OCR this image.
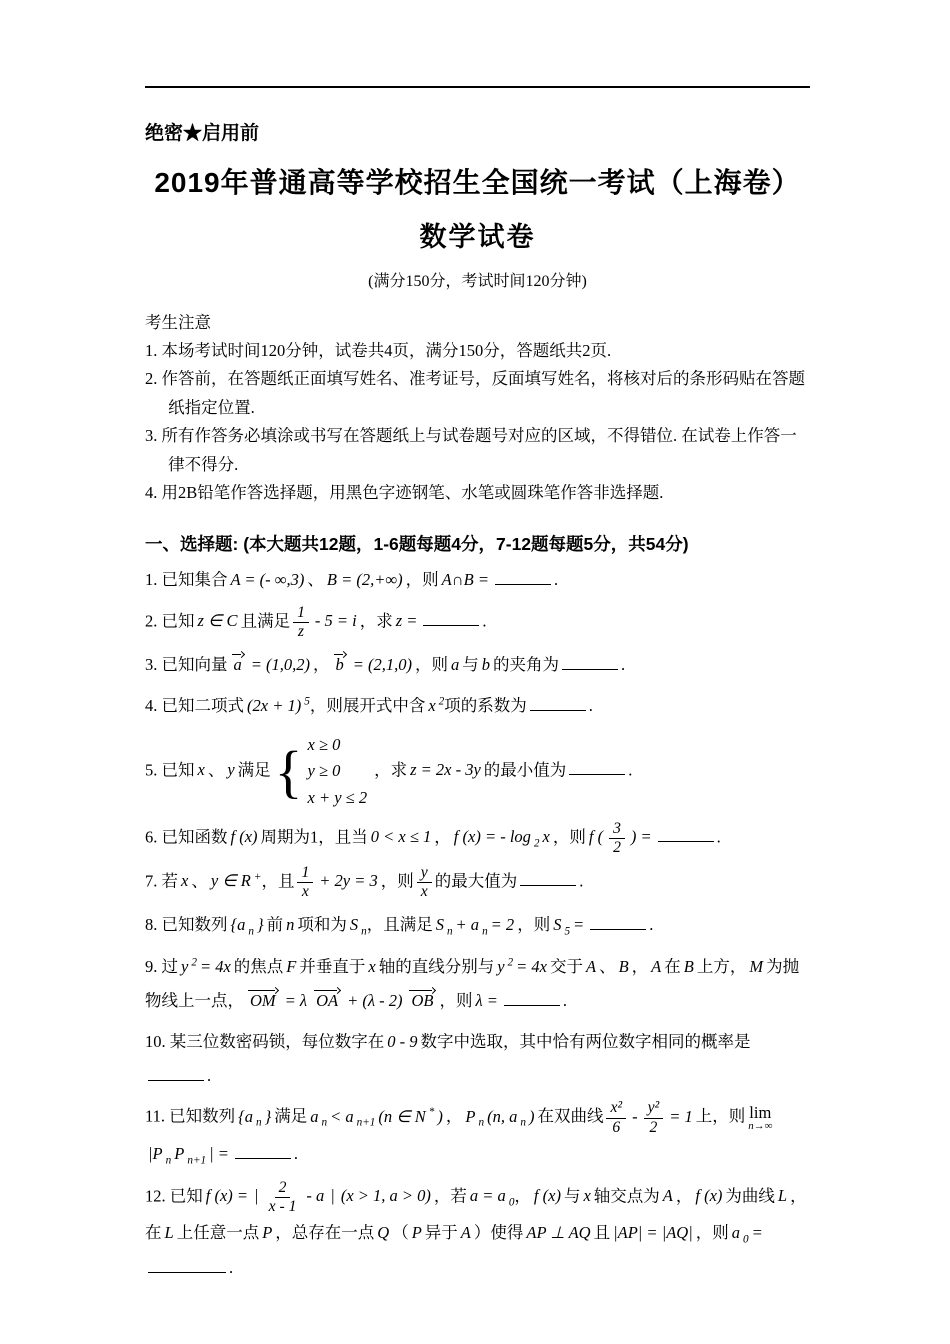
绝密★启用前
2019年普通高等学校招生全国统一考试（上海卷）
数学试卷
(满分150分，考试时间120分钟)
考生注意
1. 本场考试时间120分钟，试卷共4页，满分150分，答题纸共2页.
2. 作答前，在答题纸正面填写姓名、准考证号，反面填写姓名，将核对后的条形码贴在答题纸指定位置.
3. 所有作答务必填涂或书写在答题纸上与试卷题号对应的区域，不得错位. 在试卷上作答一律不得分.
4. 用2B铅笔作答选择题，用黑色字迹钢笔、水笔或圆珠笔作答非选择题.
一、选择题: (本大题共12题，1-6题每题4分，7-12题每题5分，共54分)
1. 已知集合 A = (- ∞,3) 、 B = (2,+∞) ，则 A∩B =	.
2. 已知 z ∈ C 且满足 $\frac{1}{z} - 5 = i$ ，求 z =	.
3. 已知向量 a = (1,0,2) ， b = (2,1,0) ，则 a 与 b 的夹角为	.
4. 已知二项式 (2x + 1) $^5$，则展开式中含 x $^2$项的系数为	.
5. 已知 x 、 y 满足 { x ≥ 0
y ≥ 0
x + y ≤ 2
，求 z = 2x - 3y 的最小值为	.
6. 已知函数 f (x) 周期为1，且当 0 < x ≤ 1 ， f (x) = - log $_2$ x ，则 f ( $\frac{3}{2}$ ) =	.
7. 若 x 、 y ∈ R +，且 $\frac{1}{x} + 2y = 3$ ，则 $\frac{y}{x}$ 的最大值为	.
8. 已知数列 {a $_n$ } 前 n 项和为 S $_n$，且满足 S $_n$ + a $_n$ = 2 ，则 S $_5$ =	.
9. 过 y $^2$ = 4x 的焦点 F 并垂直于 x 轴的直线分别与 y $^2$ = 4x 交于 A 、 B ， A 在 B 上方， M 为抛物线上一点， OM = λ OA + (λ - 2) OB ，则 λ =	.
10. 某三位数密码锁，每位数字在 0 - 9 数字中选取，其中恰有两位数字相同的概率是.
11. 已知数列 {a $_n$ } 满足 a $_n$ < a $_{n+1}$ (n ∈ N * ) ， P $_n$ (n, a $_n$ ) 在双曲线 $\frac{\text{x²}}{6} - \frac{\text{y²}}{2} = 1$ 上，则 lim
n→∞
|P $_n$ P $_{n+1}$ | =	.
12. 已知 f (x) = | $\frac{2}{x - 1}$ - a | (x > 1, a > 0) ，若 a = a $_0$， f (x) 与 x 轴交点为 A ， f (x) 为曲线 L ，在 L 上任意一点 P ，总存在一点 Q （ P 异于 A ）使得 AP ⊥ AQ 且 |AP| = |AQ| ，则 a $_0$ =.
